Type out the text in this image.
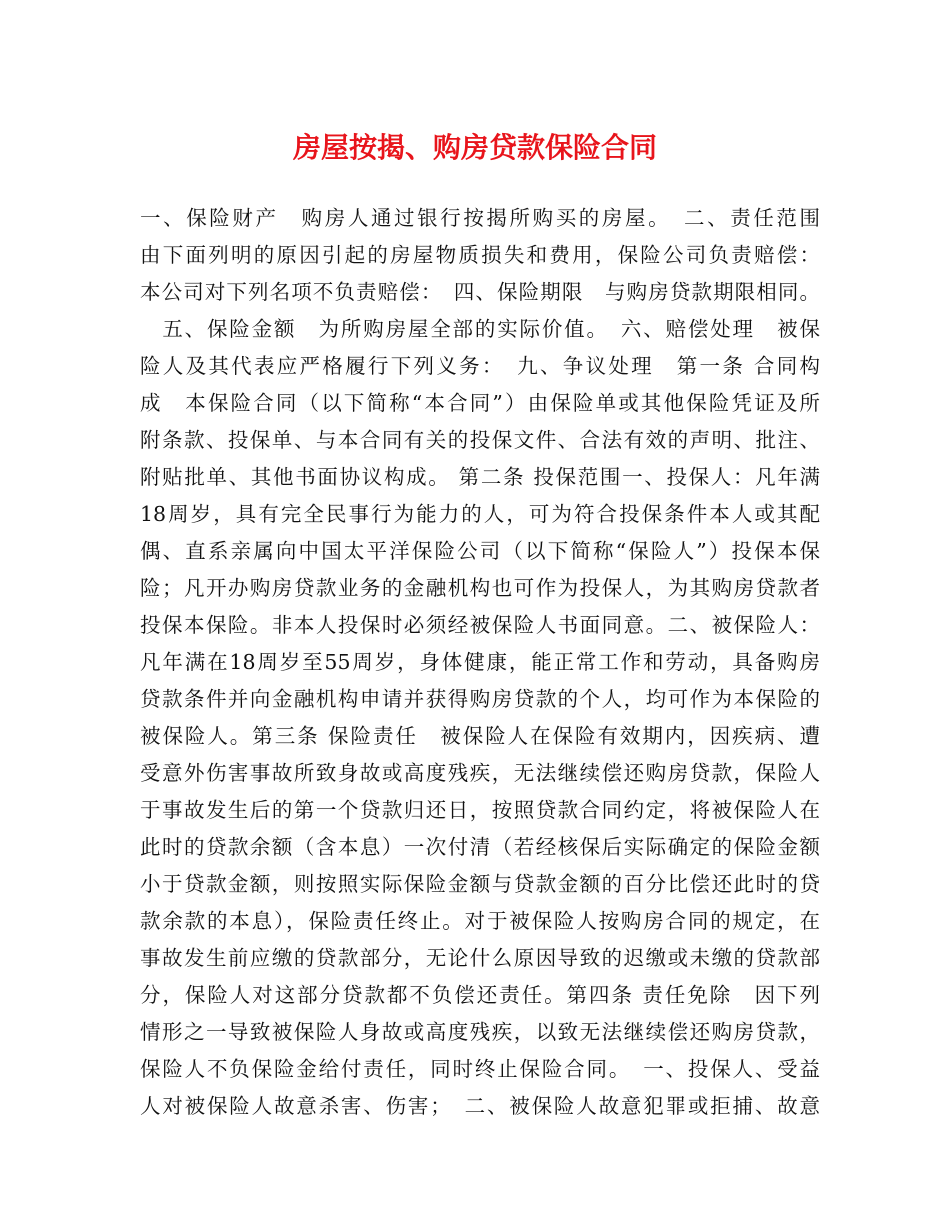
房屋按揭、购房贷款保险合同
一、保险财产　购房人通过银行按揭所购买的房屋。　二、责任范围
由下面列明的原因引起的房屋物质损失和费用，保险公司负责赔偿：
本公司对下列名项不负责赔偿：　四、保险期限　与购房贷款期限相同。
　五、保险金额　为所购房屋全部的实际价值。　六、赔偿处理　被保
险人及其代表应严格履行下列义务：　九、争议处理　第一条 合同构
成　本保险合同（以下简称“本合同”）由保险单或其他保险凭证及所
附条款、投保单、与本合同有关的投保文件、合法有效的声明、批注、
附贴批单、其他书面协议构成。 第二条 投保范围一、投保人：凡年满
18周岁，具有完全民事行为能力的人，可为符合投保条件本人或其配
偶、直系亲属向中国太平洋保险公司（以下简称“保险人”）投保本保
险；凡开办购房贷款业务的金融机构也可作为投保人，为其购房贷款者
投保本保险。非本人投保时必须经被保险人书面同意。二、被保险人：
凡年满在18周岁至55周岁，身体健康，能正常工作和劳动，具备购房
贷款条件并向金融机构申请并获得购房贷款的个人，均可作为本保险的
被保险人。第三条 保险责任　被保险人在保险有效期内，因疾病、遭
受意外伤害事故所致身故或高度残疾，无法继续偿还购房贷款，保险人
于事故发生后的第一个贷款归还日，按照贷款合同约定，将被保险人在
此时的贷款余额（含本息）一次付清（若经核保后实际确定的保险金额
小于贷款金额，则按照实际保险金额与贷款金额的百分比偿还此时的贷
款余款的本息），保险责任终止。对于被保险人按购房合同的规定，在
事故发生前应缴的贷款部分，无论什么原因导致的迟缴或未缴的贷款部
分，保险人对这部分贷款都不负偿还责任。第四条 责任免除　因下列
情形之一导致被保险人身故或高度残疾，以致无法继续偿还购房贷款，
保险人不负保险金给付责任，同时终止保险合同。　一、投保人、受益
人对被保险人故意杀害、伤害；　二、被保险人故意犯罪或拒捕、故意
